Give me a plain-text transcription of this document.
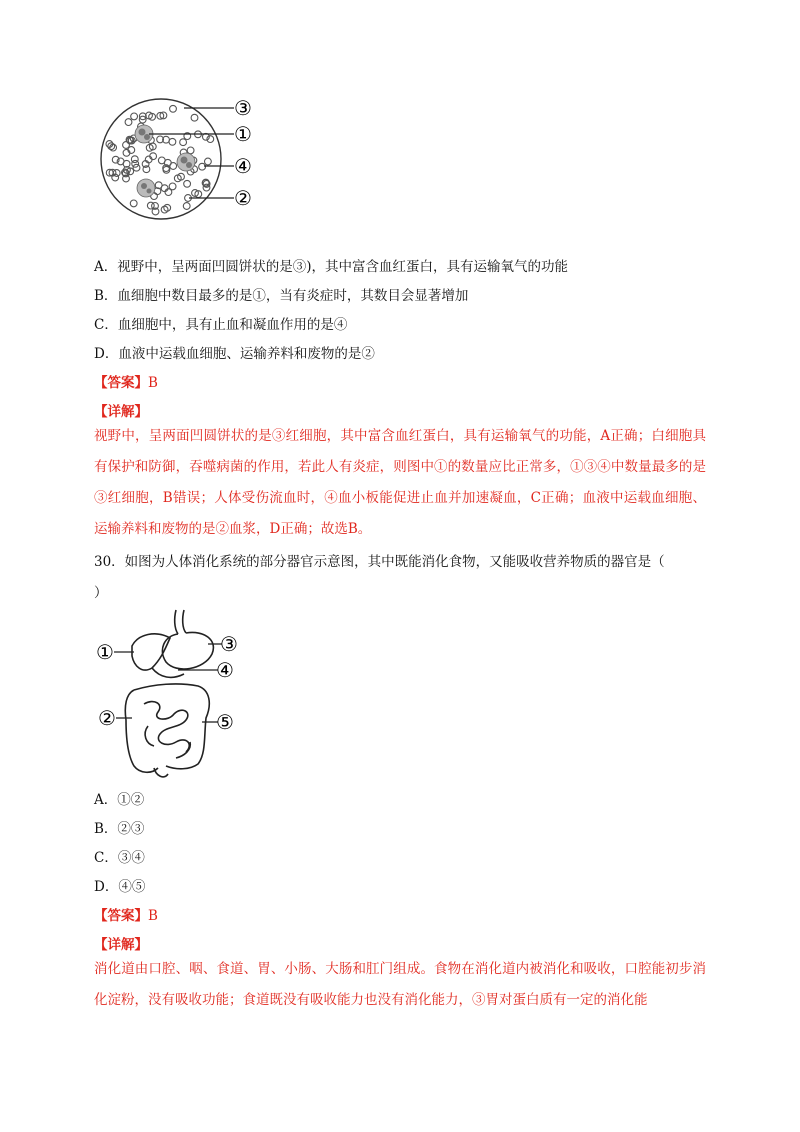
③
①
④
②
A．视野中，呈两面凹圆饼状的是③)，其中富含血红蛋白，具有运输氧气的功能
B．血细胞中数目最多的是①，当有炎症时，其数目会显著增加
C．血细胞中，具有止血和凝血作用的是④
D．血液中运载血细胞、运输养料和废物的是②
【答案】B
【详解】
视野中，呈两面凹圆饼状的是③红细胞，其中富含血红蛋白，具有运输氧气的功能，A正确；白细胞具有保护和防御，吞噬病菌的作用，若此人有炎症，则图中①的数量应比正常多，①③④中数量最多的是③红细胞，B错误；人体受伤流血时，④血小板能促进止血并加速凝血，C正确；血液中运载血细胞、运输养料和废物的是②血浆，D正确；故选B。
30．如图为人体消化系统的部分器官示意图，其中既能消化食物，又能吸收营养物质的器官是（
）
①	③
④
②	⑤
A．①②
B．②③
C．③④
D．④⑤
【答案】B
【详解】
消化道由口腔、咽、食道、胃、小肠、大肠和肛门组成。食物在消化道内被消化和吸收，口腔能初步消化淀粉，没有吸收功能；食道既没有吸收能力也没有消化能力，③胃对蛋白质有一定的消化能
